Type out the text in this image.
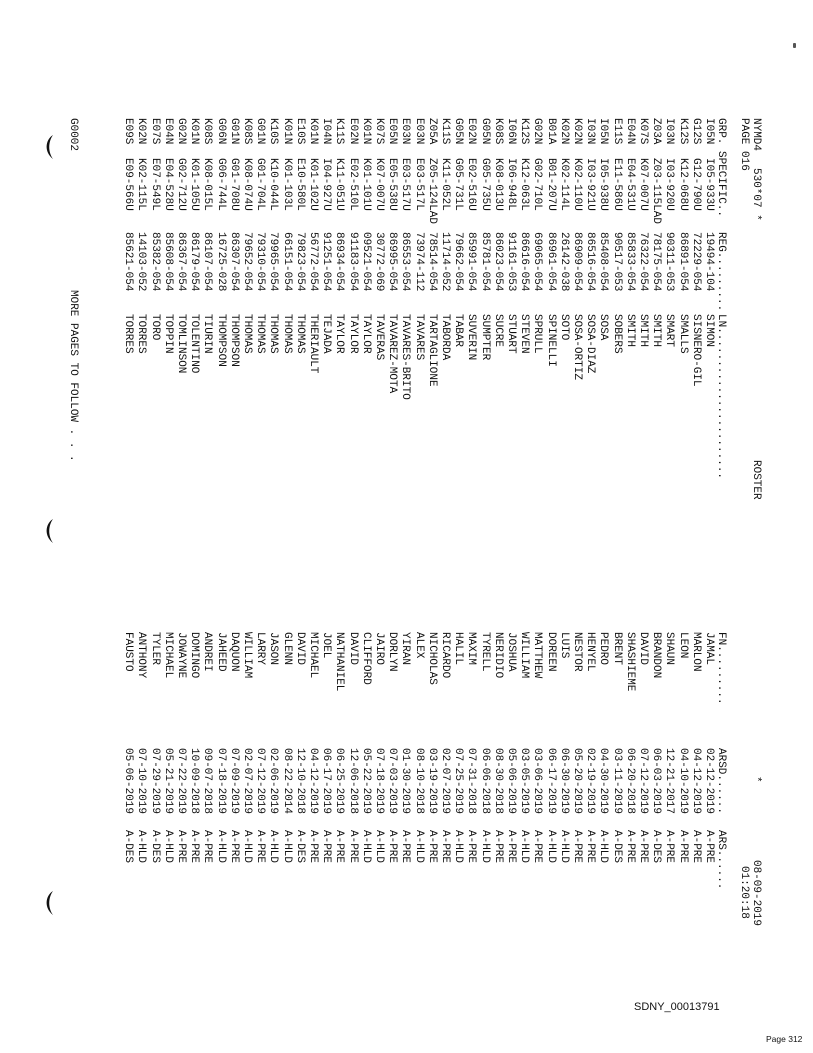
NYMD4
530*07 *
ROSTER
*
08-09-2019
PAGE 016
01:20:18
GRP. SPECIFIC..
REG.........
LN.......................
FN.........
ARSD......
ARS......
I05N
I05-933U
19494-104
SIMON
JAMAL
02-12-2019
A-PRE
G12S
G12-790U
72229-054
SISNERO-GIL
MARLON
04-12-2019
A-PRE
K12S
K12-068U
86891-054
SMALLS
LEON
04-10-2019
A-PRE
I03N
I03-920U
90311-053
SMART
SHAUN
12-21-2017
A-PRE
Z03A
Z03-115LAD
78175-054
SMITH
BRANDON
06-03-2019
A-DES
K07S
K07-007U
76322-054
SMITH
DAVID
07-12-2019
A-PRE
E04N
E04-531U
85833-054
SMITH
SHASHIEME
06-20-2018
A-PRE
E11S
E11-586U
90517-053
SOBERS
BRENT
03-11-2019
A-DES
I05N
I05-938U
85408-054
SOSA
PEDRO
04-30-2019
A-HLD
I03N
I03-921U
86516-054
SOSA-DIAZ
HENYEL
02-19-2019
A-PRE
K02N
K02-110U
86909-054
SOSA-ORTIZ
NESTOR
05-20-2019
A-PRE
K02N
K02-114L
26142-038
SOTO
LUIS
06-30-2019
A-HLD
B01A
B01-207U
86961-054
SPINELLI
DOREEN
06-17-2019
A-HLD
G02N
G02-710L
69065-054
SPRULL
MATTHEW
03-06-2019
A-PRE
K12S
K12-063L
86616-054
STEVEN
WILLIAM
03-05-2019
A-HLD
I06N
I06-948L
91161-053
STUART
JOSHUA
05-06-2019
A-PRE
K08S
K08-013U
86023-054
SUCRE
NERIDIO
08-30-2018
A-PRE
G05N
G05-735U
85781-054
SUMPTER
TYRELL
06-06-2018
A-HLD
E02N
E02-516U
85991-054
SUVERIN
MAXIM
07-31-2018
A-PRE
G05N
G05-731L
79662-054
TABAR
HALIL
07-25-2019
A-HLD
K11S
K11-052L
11714-052
TABORDA
RICARDO
02-07-2019
A-PRE
Z05A
Z05-124LAD
78514-054
TARTAGLIONE
NICHOLAS
03-19-2019
A-PRE
E03N
E03-517L
73974-112
TAVARES
ALEX
08-10-2018
A-HLD
E03N
E03-517U
86553-054
TAVARES-BRITO
YIRAN
01-30-2019
A-PRE
E05N
E05-538U
86995-054
TAVAREZ-MOTA
DORLYN
07-03-2019
A-PRE
K07S
K07-007U
30772-069
TAVERAS
JAIRO
07-18-2019
A-HLD
K01N
K01-101U
09521-054
TAYLOR
CLIFFORD
05-22-2019
A-HLD
E02N
E02-510L
91183-054
TAYLOR
DAVID
12-06-2018
A-PRE
K11S
K11-051U
86934-054
TAYLOR
NATHANIEL
06-25-2019
A-PRE
I04N
I04-927U
91251-054
TEJADA
JOEL
06-17-2019
A-PRE
K01N
K01-102U
56772-054
THERIAULT
MICHAEL
04-12-2019
A-PRE
E10S
E10-580L
79823-054
THOMAS
DAVID
12-10-2018
A-DES
K01N
K01-103L
66151-054
THOMAS
GLENN
08-22-2014
A-HLD
K10S
K10-044L
79965-054
THOMAS
JASON
02-06-2019
A-HLD
G01N
G01-704L
79310-054
THOMAS
LARRY
07-12-2019
A-PRE
K08S
K08-074U
79652-054
THOMAS
WILLIAM
02-07-2019
A-HLD
G01N
G01-708U
86307-054
THOMPSON
DAQUON
07-09-2019
A-PRE
G06N
G06-744L
16725-028
THOMPSON
JAHEED
07-18-2019
A-HLD
K08S
K08-015L
86107-054
TIURIN
ANDREI
09-07-2018
A-PRE
K01N
K01-105U
86179-054
TOLENTINO
DOMINGO
10-09-2018
A-PRE
G02N
G02-712U
86367-054
TOMLINSON
JOWAYNE
07-22-2019
A-PRE
E04N
E04-528U
85608-054
TOPPIN
MICHAEL
05-21-2019
A-HLD
E07S
E07-549L
85382-054
TORO
TYLER
07-29-2019
A-DES
K02N
K02-115L
14103-052
TORRES
ANTHONY
07-10-2019
A-HLD
E09S
E09-566U
85621-054
TORRES
FAUSTO
05-06-2019
A-DES
G0002
MORE PAGES TO FOLLOW . . .
SDNY_00013791
Page 312
